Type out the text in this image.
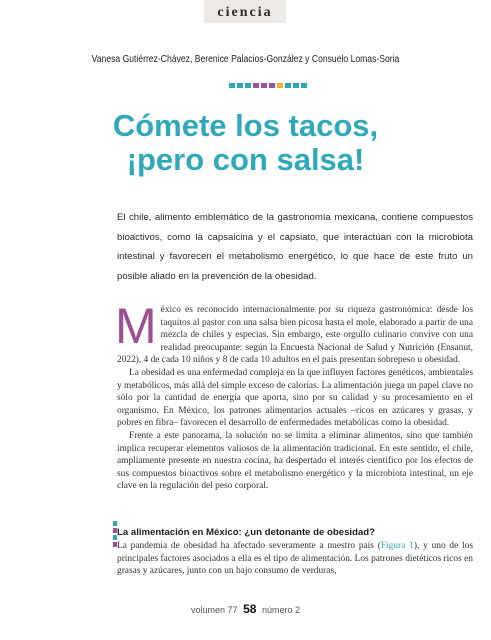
ciencia
Vanesa Gutiérrez-Chávez, Berenice Palacios-González y Consuelo Lomas-Soria
Cómete los tacos,
¡pero con salsa!
El chile, alimento emblemático de la gastronomía mexicana, contiene compuestos bioactivos, como la capsaicina y el capsiato, que interactúan con la microbiota intestinal y favorecen el metabolismo energético, lo que hace de este fruto un posible aliado en la prevención de la obesidad.

México es reconocido internacionalmente por su riqueza gastronómica: desde los taquitos al pastor con una salsa bien picosa hasta el mole, elaborado a partir de una mezcla de chiles y especias. Sin embargo, este orgullo culinario convive con una realidad preocupante: según la Encuesta Nacional de Salud y Nutrición (Ensanut, 2022), 4 de cada 10 niños y 8 de cada 10 adultos en el país presentan sobrepeso u obesidad.

La obesidad es una enfermedad compleja en la que influyen factores genéticos, ambientales y metabólicos, más allá del simple exceso de calorías. La alimentación juega un papel clave no sólo por la cantidad de energía que aporta, sino por su calidad y su procesamiento en el organismo. En México, los patrones alimentarios actuales –ricos en azúcares y grasas, y pobres en fibra– favorecen el desarrollo de enfermedades metabólicas como la obesidad.

Frente a este panorama, la solución no se limita a eliminar alimentos, sino que también implica recuperar elementos valiosos de la alimentación tradicional. En este sentido, el chile, ampliamente presente en nuestra cocina, ha despertado el interés científico por los efectos de sus compuestos bioactivos sobre el metabolismo energético y la microbiota intestinal, un eje clave en la regulación del peso corporal.

La alimentación en México: ¿un detonante de obesidad?
La pandemia de obesidad ha afectado severamente a nuestro país (Figura 1), y uno de los principales factores asociados a ella es el tipo de alimentación. Los patrones dietéticos ricos en grasas y azúcares, junto con un bajo consumo de verduras,
volumen 77 58 número 2
